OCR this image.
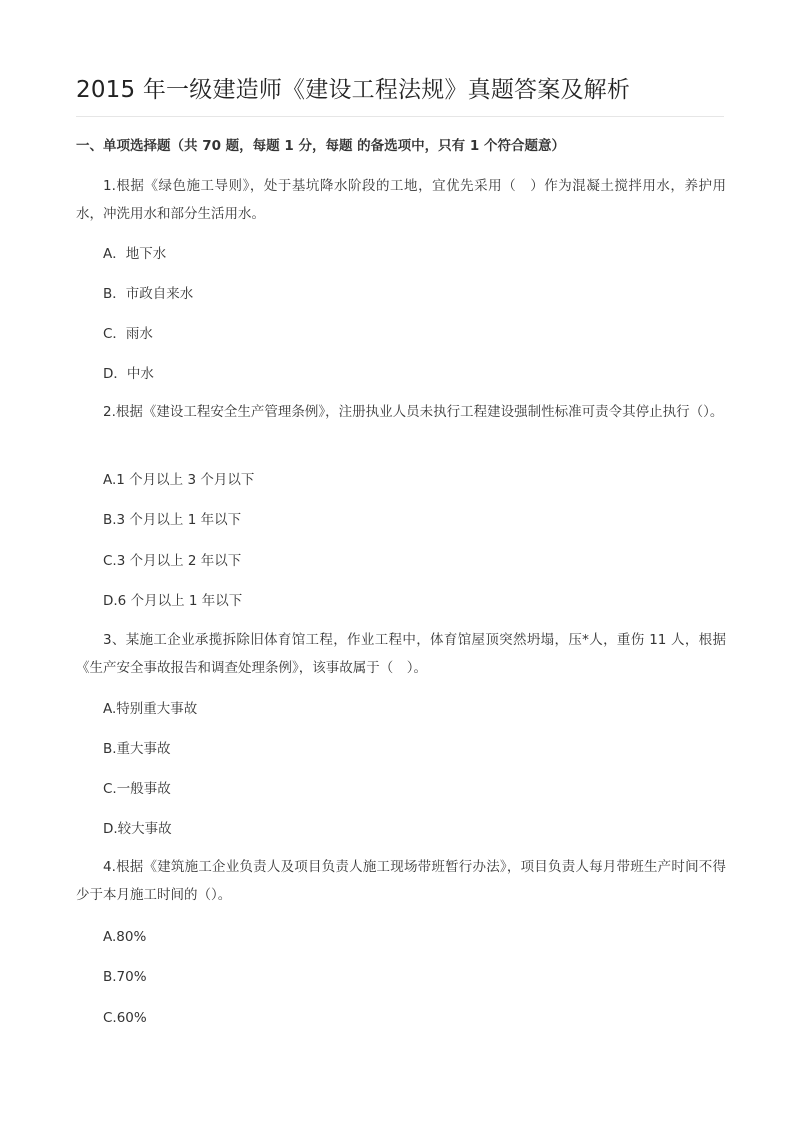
2015 年一级建造师《建设工程法规》真题答案及解析
一、单项选择题（共 70 题，每题 1 分，每题 的备选项中，只有 1 个符合题意）
1.根据《绿色施工导则》，处于基坑降水阶段的工地，宜优先采用（　）作为混凝土搅拌用水，养护用水，冲洗用水和部分生活用水。
A．地下水
B．市政自来水
C．雨水
D．中水
2.根据《建设工程安全生产管理条例》，注册执业人员未执行工程建设强制性标准可责令其停止执行（）。
A.1 个月以上 3 个月以下
B.3 个月以上 1 年以下
C.3 个月以上 2 年以下
D.6 个月以上 1 年以下
3、某施工企业承揽拆除旧体育馆工程，作业工程中，体育馆屋顶突然坍塌，压*人，重伤 11 人，根据《生产安全事故报告和调查处理条例》，该事故属于（　）。
A.特别重大事故
B.重大事故
C.一般事故
D.较大事故
4.根据《建筑施工企业负责人及项目负责人施工现场带班暂行办法》，项目负责人每月带班生产时间不得少于本月施工时间的（）。
A.80%
B.70%
C.60%
